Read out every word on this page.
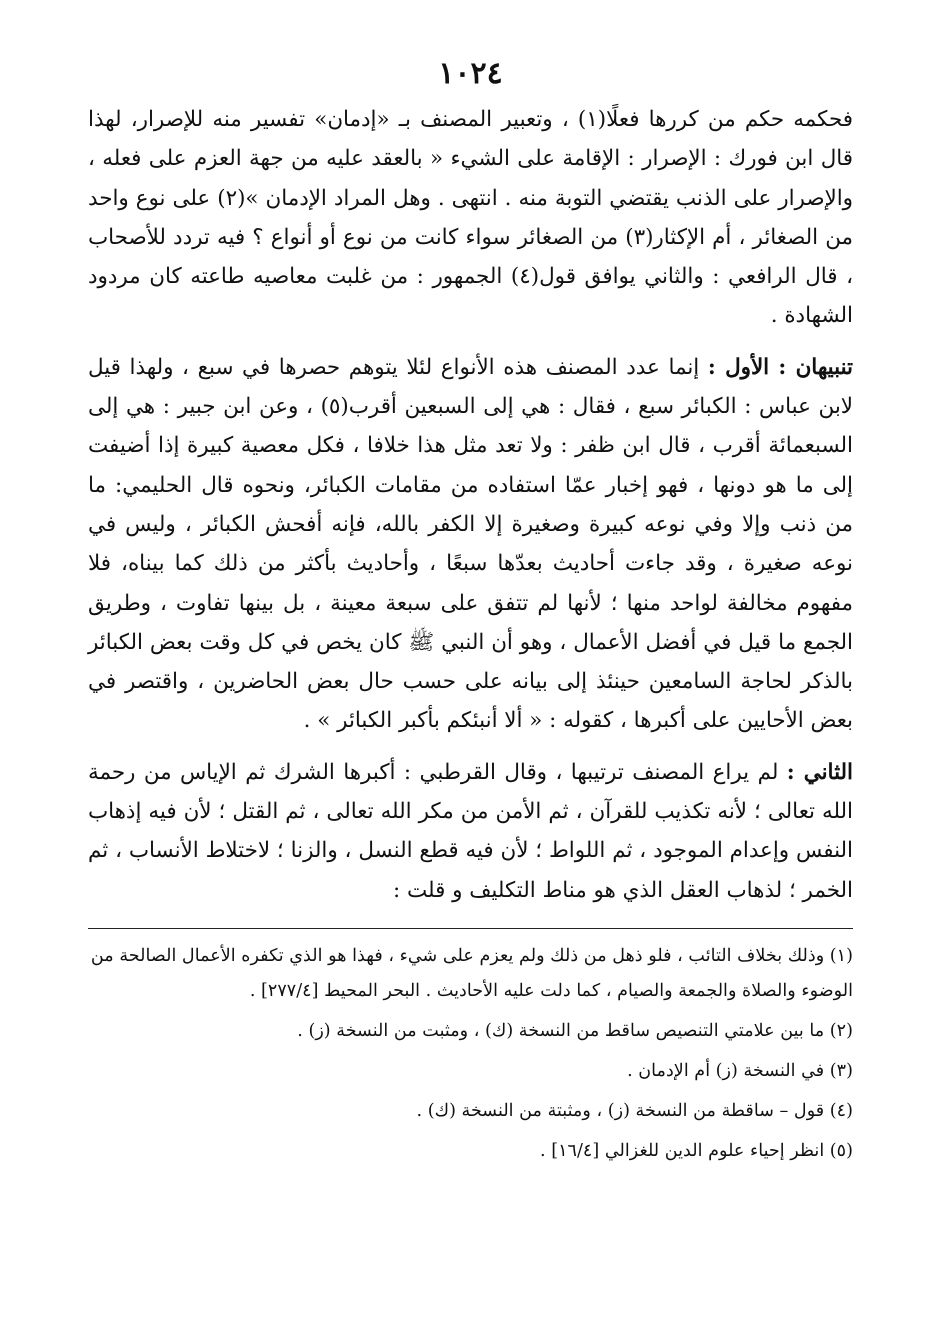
١٠٢٤

فحكمه حكم من كررها فعلًا(١) ، وتعبير المصنف بـ «إدمان» تفسير منه للإصرار، لهذا قال ابن فورك : الإصرار : الإقامة على الشيء « بالعقد عليه من جهة العزم على فعله ، والإصرار على الذنب يقتضي التوبة منه . انتهى . وهل المراد الإدمان »(٢) على نوع واحد من الصغائر ، أم الإكثار(٣) من الصغائر سواء كانت من نوع أو أنواع ؟ فيه تردد للأصحاب ، قال الرافعي : والثاني يوافق قول(٤) الجمهور : من غلبت معاصيه طاعته كان مردود الشهادة .

تنبيهان : الأول : إنما عدد المصنف هذه الأنواع لئلا يتوهم حصرها في سبع ، ولهذا قيل لابن عباس : الكبائر سبع ، فقال : هي إلى السبعين أقرب(٥) ، وعن ابن جبير : هي إلى السبعمائة أقرب ، قال ابن ظفر : ولا تعد مثل هذا خلافا ، فكل معصية كبيرة إذا أضيفت إلى ما هو دونها ، فهو إخبار عمّا استفاده من مقامات الكبائر، ونحوه قال الحليمي: ما من ذنب وإلا وفي نوعه كبيرة وصغيرة إلا الكفر بالله، فإنه أفحش الكبائر ، وليس في نوعه صغيرة ، وقد جاءت أحاديث بعدّها سبعًا ، وأحاديث بأكثر من ذلك كما بيناه، فلا مفهوم مخالفة لواحد منها ؛ لأنها لم تتفق على سبعة معينة ، بل بينها تفاوت ، وطريق الجمع ما قيل في أفضل الأعمال ، وهو أن النبي ﷺ كان يخص في كل وقت بعض الكبائر بالذكر لحاجة السامعين حينئذ إلى بيانه على حسب حال بعض الحاضرين ، واقتصر في بعض الأحايين على أكبرها ، كقوله : « ألا أنبئكم بأكبر الكبائر » .

الثاني : لم يراع المصنف ترتيبها ، وقال القرطبي : أكبرها الشرك ثم الإياس من رحمة الله تعالى ؛ لأنه تكذيب للقرآن ، ثم الأمن من مكر الله تعالى ، ثم القتل ؛ لأن فيه إذهاب النفس وإعدام الموجود ، ثم اللواط ؛ لأن فيه قطع النسل ، والزنا ؛ لاختلاط الأنساب ، ثم الخمر ؛ لذهاب العقل الذي هو مناط التكليف و قلت :

(١) وذلك بخلاف التائب ، فلو ذهل من ذلك ولم يعزم على شيء ، فهذا هو الذي تكفره الأعمال الصالحة من الوضوء والصلاة والجمعة والصيام ، كما دلت عليه الأحاديث . البحر المحيط [٢٧٧/٤] .

(٢) ما بين علامتي التنصيص ساقط من النسخة (ك) ، ومثبت من النسخة (ز) .

(٣) في النسخة (ز) أم الإدمان .

(٤) قول – ساقطة من النسخة (ز) ، ومثبتة من النسخة (ك) .

(٥) انظر إحياء علوم الدين للغزالي [١٦/٤] .
